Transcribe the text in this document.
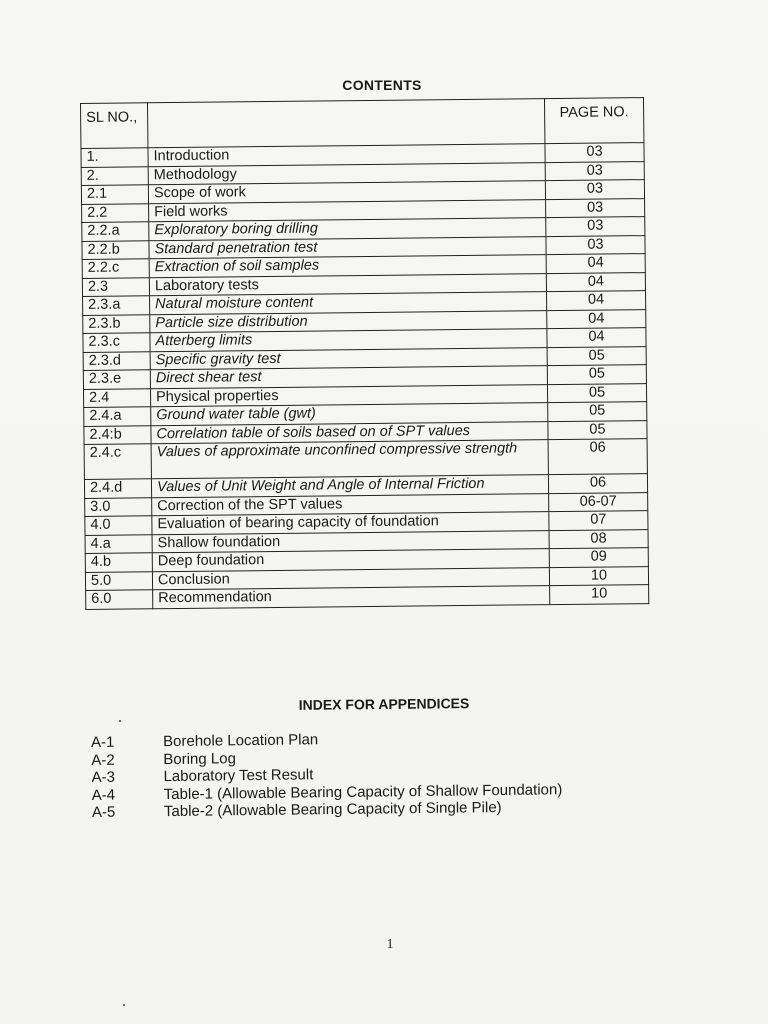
CONTENTS
SL NO.,		PAGE NO.
1.	Introduction	03
2.	Methodology	03
2.1	Scope of work	03
2.2	Field works	03
2.2.a	Exploratory boring drilling	03
2.2.b	Standard penetration test	03
2.2.c	Extraction of soil samples	04
2.3	Laboratory tests	04
2.3.a	Natural moisture content	04
2.3.b	Particle size distribution	04
2.3.c	Atterberg limits	04
2.3.d	Specific gravity test	05
2.3.e	Direct shear test	05
2.4	Physical properties	05
2.4.a	Ground water table (gwt)	05
2.4:b	Correlation table of soils based on of SPT values	05
2.4.c	Values of approximate unconfined compressive strength	06
2.4.d	Values of Unit Weight and Angle of Internal Friction	06
3.0	Correction of the SPT values	06-07
4.0	Evaluation of bearing capacity of foundation	07
4.a	Shallow foundation	08
4.b	Deep foundation	09
5.0	Conclusion	10
6.0	Recommendation	10
INDEX FOR APPENDICES
A-1	Borehole Location Plan
A-2	Boring Log
A-3	Laboratory Test Result
A-4	Table-1 (Allowable Bearing Capacity of Shallow Foundation)
A-5	Table-2 (Allowable Bearing Capacity of Single Pile)
1
